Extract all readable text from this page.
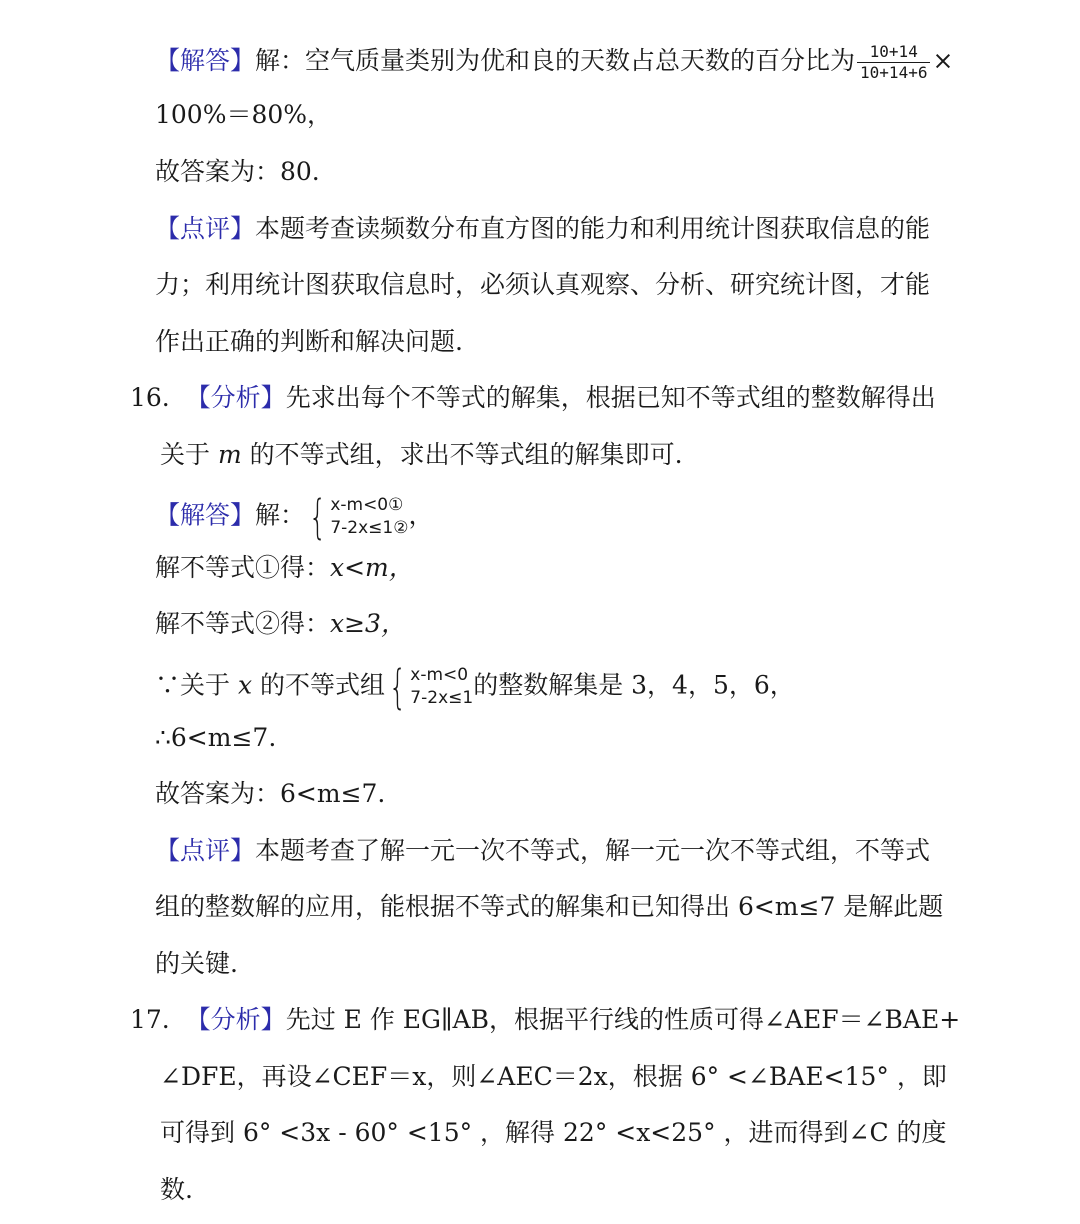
【解答】解：空气质量类别为优和良的天数占总天数的百分比为 $\frac{10+14}{10+14+6}$ ×
100%＝80%，
故答案为：80.
【点评】本题考查读频数分布直方图的能力和利用统计图获取信息的能
力；利用统计图获取信息时，必须认真观察、分析、研究统计图，才能
作出正确的判断和解决问题.
16. 【分析】先求出每个不等式的解集，根据已知不等式组的整数解得出
关于 m 的不等式组，求出不等式组的解集即可.
【解答】解： { x-m<0①
7-2x≤1② ，
解不等式①得：x<m，
解不等式②得：x≥3，
∵关于 x 的不等式组 { x-m<0
7-2x≤1 的整数解集是 3，4，5，6，
∴6<m≤7.
故答案为：6<m≤7.
【点评】本题考查了解一元一次不等式，解一元一次不等式组，不等式
组的整数解的应用，能根据不等式的解集和已知得出 6<m≤7 是解此题
的关键.
17. 【分析】先过 E 作 EG∥AB，根据平行线的性质可得∠AEF＝∠BAE+
∠DFE，再设∠CEF＝x，则∠AEC＝2x，根据 6° <∠BAE<15° ，即
可得到 6° <3x - 60° <15° ，解得 22° <x<25° ，进而得到∠C 的度
数.
